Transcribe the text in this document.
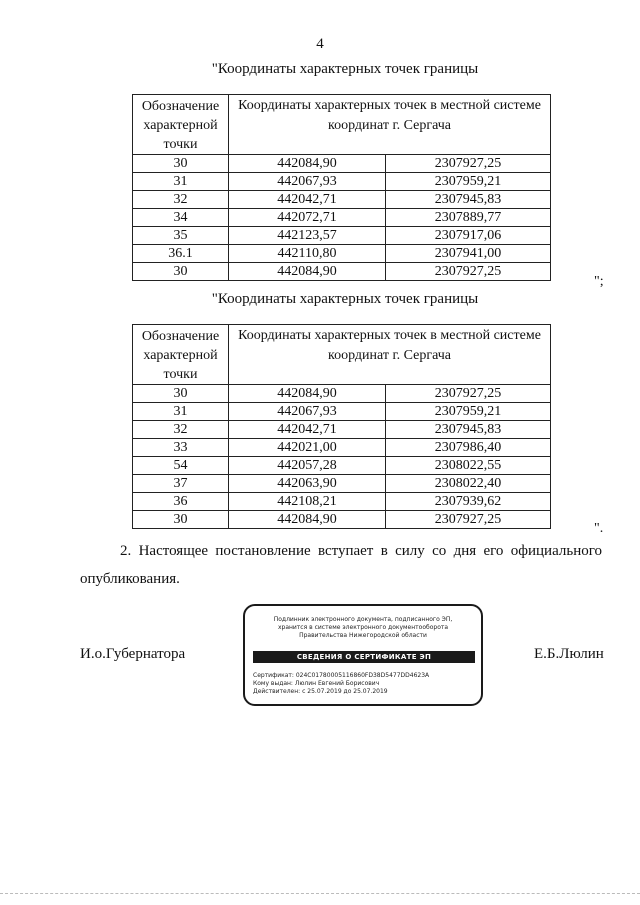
4
"Координаты характерных точек границы
Обозначение характерной точки	Координаты характерных точек в местной системе координат г. Сергача	
30	442084,90	2307927,25
31	442067,93	2307959,21
32	442042,71	2307945,83
34	442072,71	2307889,77
35	442123,57	2307917,06
36.1	442110,80	2307941,00
30	442084,90	2307927,25
";
"Координаты характерных точек границы
Обозначение характерной точки	Координаты характерных точек в местной системе координат г. Сергача	
30	442084,90	2307927,25
31	442067,93	2307959,21
32	442042,71	2307945,83
33	442021,00	2307986,40
54	442057,28	2308022,55
37	442063,90	2308022,40
36	442108,21	2307939,62
30	442084,90	2307927,25
".
2. Настоящее постановление вступает в силу со дня его официального опубликования.
И.о.Губернатора
Подлинник электронного документа, подписанного ЭП,
хранится в системе электронного документооборота
Правительства Нижегородской области
СВЕДЕНИЯ О СЕРТИФИКАТЕ ЭП
Сертификат: 024C01780005116860FD38D5477DD4623A
Кому выдан: Люлин Евгений Борисович
Действителен: с 25.07.2019 до 25.07.2019
Е.Б.Люлин
